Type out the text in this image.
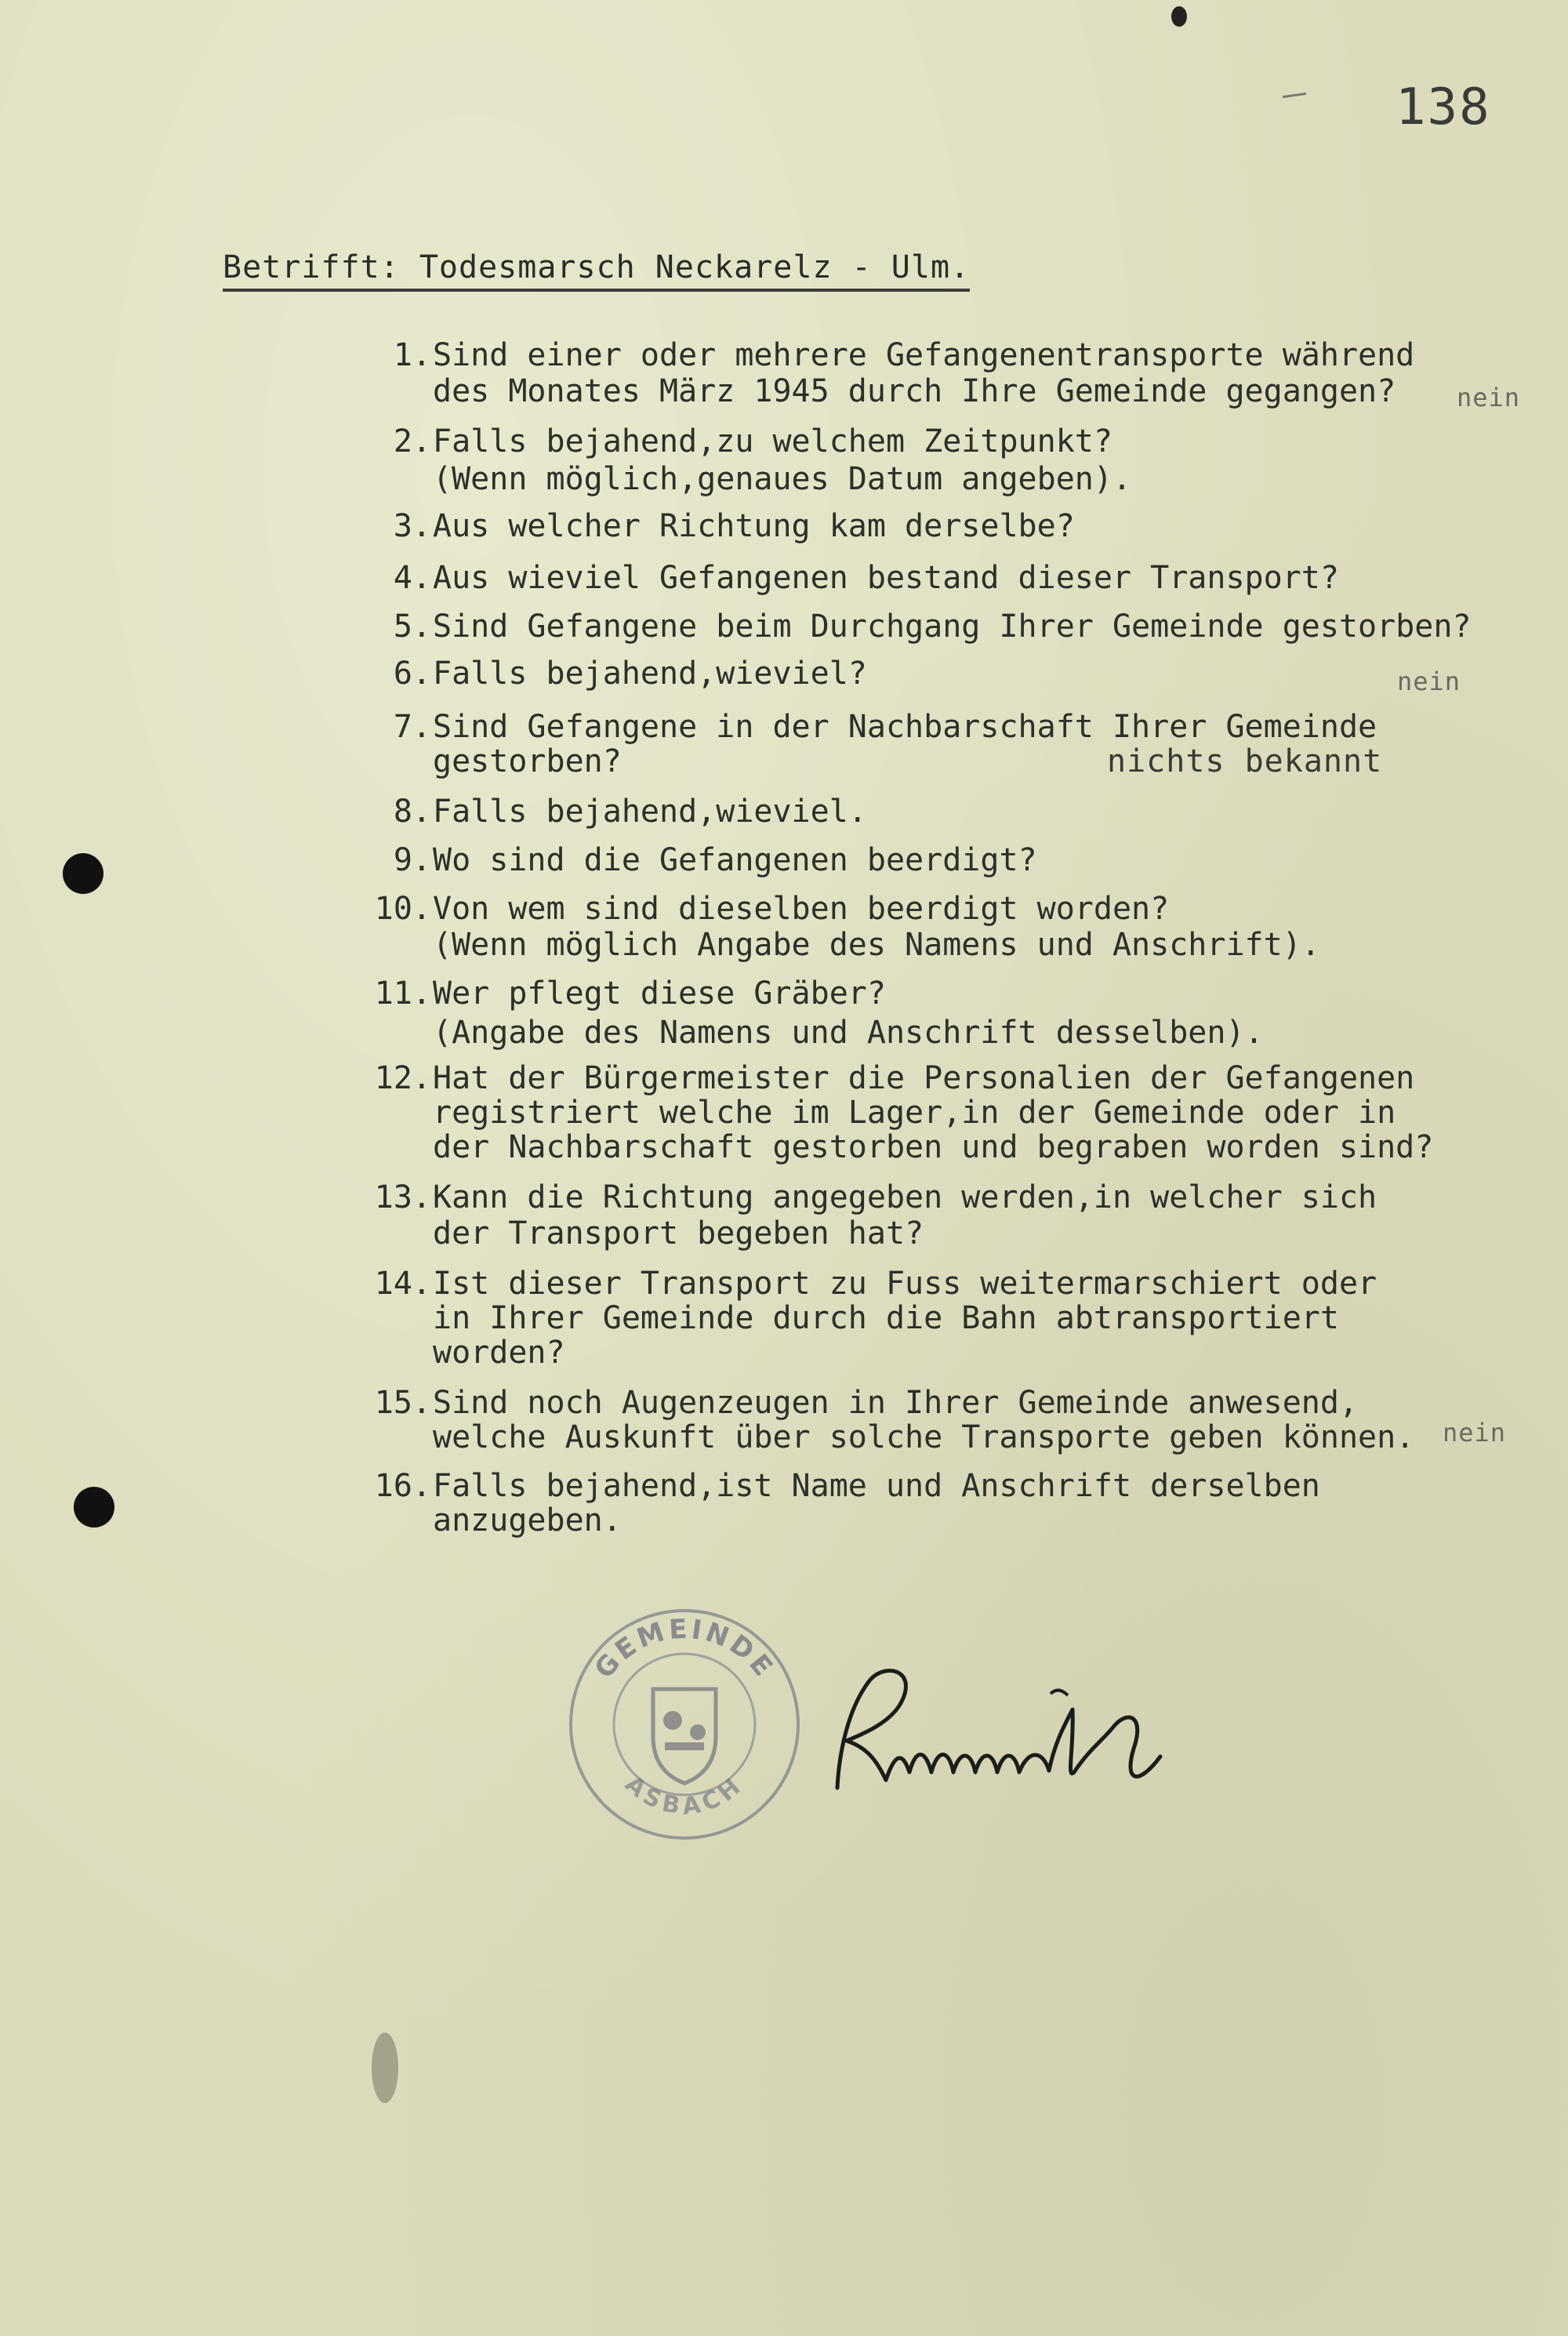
138
Betrifft: Todesmarsch Neckarelz - Ulm.
1. Sind einer oder mehrere Gefangenentransporte während
des Monates März 1945 durch Ihre Gemeinde gegangen?
2. Falls bejahend,zu welchem Zeitpunkt?
(Wenn möglich,genaues Datum angeben).
3. Aus welcher Richtung kam derselbe?
4. Aus wieviel Gefangenen bestand dieser Transport?
5. Sind Gefangene beim Durchgang Ihrer Gemeinde gestorben?
6. Falls bejahend,wieviel?
7. Sind Gefangene in der Nachbarschaft Ihrer Gemeinde
gestorben?
8. Falls bejahend,wieviel.
9. Wo sind die Gefangenen beerdigt?
10. Von wem sind dieselben beerdigt worden?
(Wenn möglich Angabe des Namens und Anschrift).
11. Wer pflegt diese Gräber?
(Angabe des Namens und Anschrift desselben).
12. Hat der Bürgermeister die Personalien der Gefangenen
registriert welche im Lager,in der Gemeinde oder in
der Nachbarschaft gestorben und begraben worden sind?
13. Kann die Richtung angegeben werden,in welcher sich
der Transport begeben hat?
14. Ist dieser Transport zu Fuss weitermarschiert oder
in Ihrer Gemeinde durch die Bahn abtransportiert
worden?
15. Sind noch Augenzeugen in Ihrer Gemeinde anwesend,
welche Auskunft über solche Transporte geben können.
16. Falls bejahend,ist Name und Anschrift derselben
anzugeben.
nein
nein
nichts bekannt
nein
GEMEINDE
ASBACH
